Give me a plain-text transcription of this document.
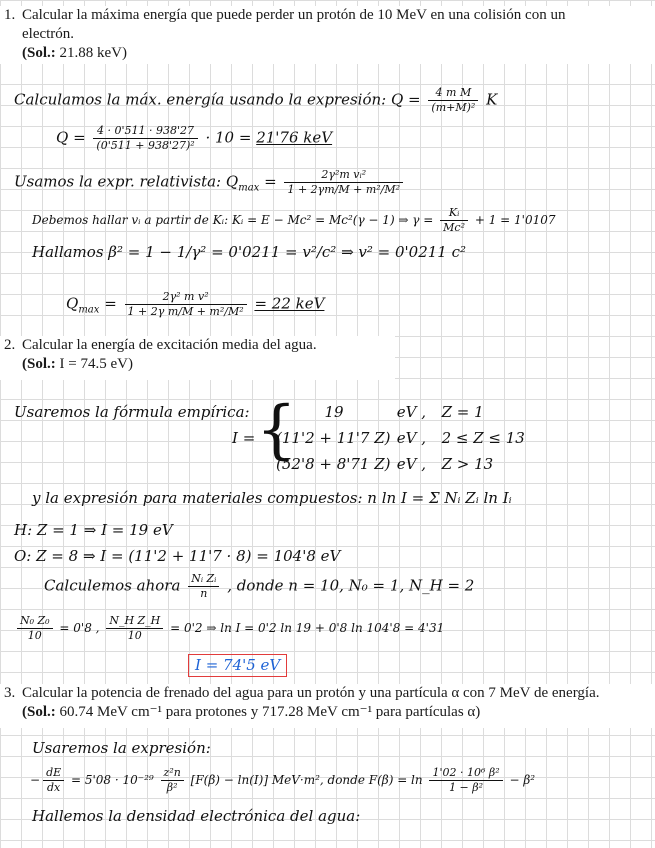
1. Calcular la máxima energía que puede perder un protón de 10 MeV en una colisión con un
electrón.
(Sol.: 21.88 keV)
Calculamos la máx. energía usando la expresión: $Q = \frac{\text{4 m M}}{\text{(m+M)²}}$ K
$Q = \frac{4 \cdot 0'511 \cdot 938'27}{\text{(0'511 + 938'27)²}} \cdot 10 = 21'76$ keV
Usamos la expr. relativista: $Q_{max} = \frac{\text{2γ²m vᵢ²}}{\text{1 + 2γm/M + m²/M²}}$
Debemos hallar vᵢ a partir de Kᵢ: Kᵢ = E − Mc² = Mc²(γ − 1) ⇒ $\gamma = \frac{\text{Kᵢ}}{\text{Mc²}} + 1 = 1'0107$
Hallamos β² = 1 − 1/γ² = 0'0211 = v²/c² ⇒ v² = 0'0211 c²
$Q_{max} = \frac{\text{2γ² m v²}}{\text{1 + 2γ m/M + m²/M²}} = 22$ keV
2. Calcular la energía de excitación media del agua.
(Sol.: I = 74.5 eV)
Usaremos la fórmula empírica:
I = {	19	eV , Z = 1
(11'2 + 11'7 Z) eV , 2 ≤ Z ≤ 13
(52'8 + 8'71 Z) eV , Z > 13
y la expresión para materiales compuestos: n ln I = Σ Nᵢ Zᵢ ln Iᵢ
H: Z = 1 ⇒ I = 19 eV
O: Z = 8 ⇒ I = (11'2 + 11'7 · 8) = 104'8 eV
Calculemos ahora $\frac{\text{Nᵢ Zᵢ}}{n}$ , donde n = 10, N₀ = 1, N_H = 2
$\frac{\text{N₀ Z₀}}{10} = 0'8$ , $\frac{\text{N\_H Z\_H}}{10} = 0'2$ ⇒ ln I = 0'2 ln 19 + 0'8 ln 104'8 = 4'31
I = 74'5 eV
3. Calcular la potencia de frenado del agua para un protón y una partícula α con 7 MeV de energía.
(Sol.: 60.74 MeV cm⁻¹ para protones y 717.28 MeV cm⁻¹ para partículas α)
Usaremos la expresión:
− $\frac{dE}{dx} = 5'08 \cdot 10^{-29} \frac{\text{z²n}}{\text{β²}} [F(\beta) - \ln(I)]$ MeV·m², donde $F(\beta) = \ln \frac{\text{1'02 · 10⁶ β²}}{\text{1 − β²}} - \beta^2$
Hallemos la densidad electrónica del agua:
